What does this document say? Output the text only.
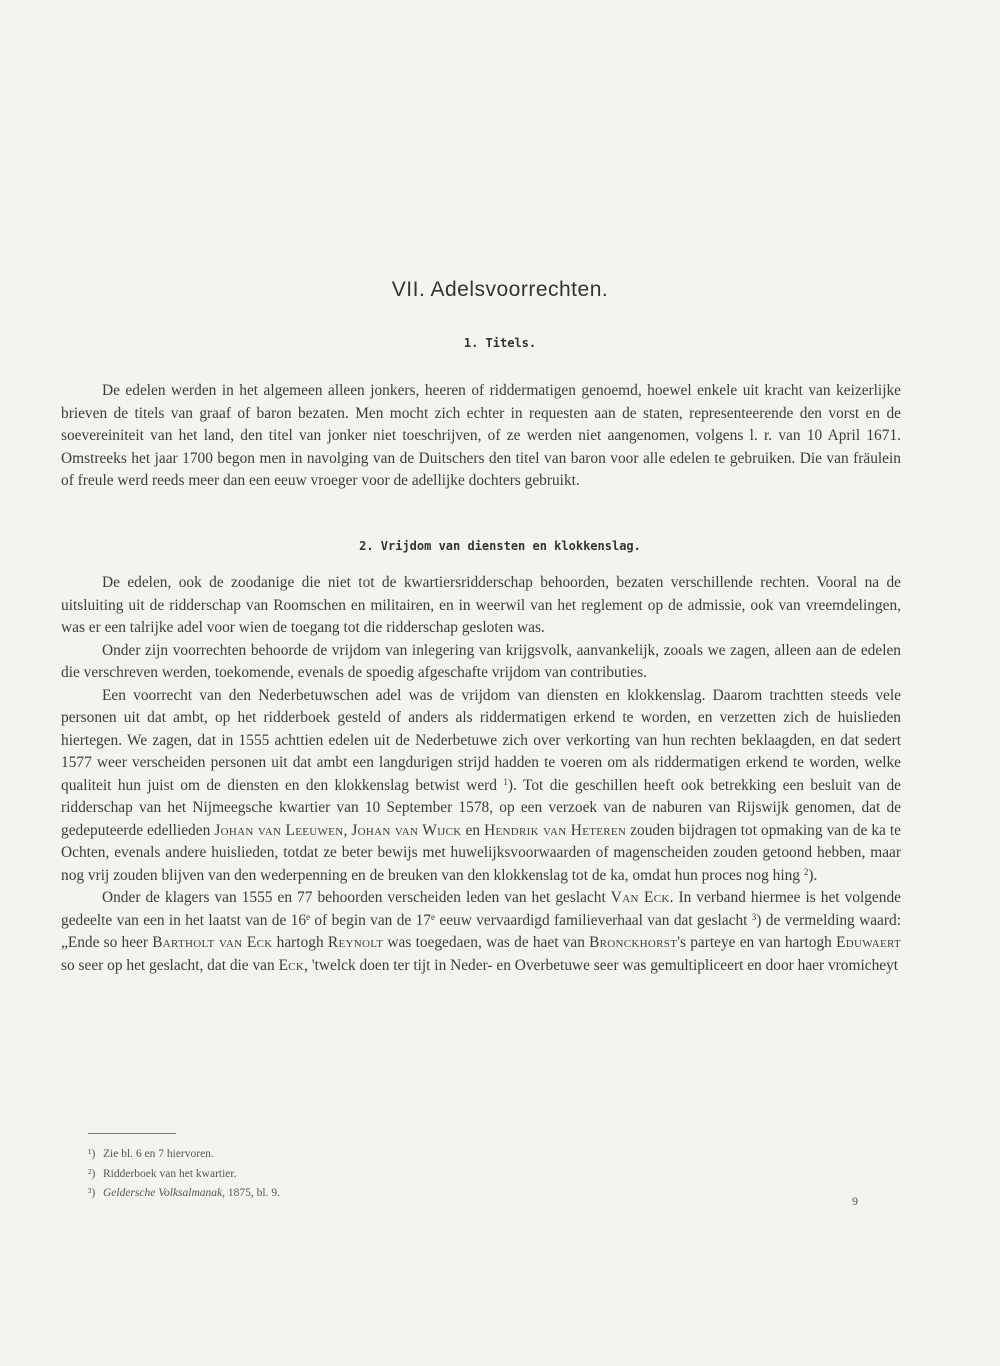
VII. Adelsvoorrechten.
1. Titels.

De edelen werden in het algemeen alleen jonkers, heeren of riddermatigen genoemd, hoewel enkele uit kracht van keizerlijke brieven de titels van graaf of baron bezaten. Men mocht zich echter in requesten aan de staten, representeerende den vorst en de soevereiniteit van het land, den titel van jonker niet toeschrijven, of ze werden niet aangenomen, volgens l. r. van 10 April 1671. Omstreeks het jaar 1700 begon men in navolging van de Duitschers den titel van baron voor alle edelen te gebruiken. Die van fräulein of freule werd reeds meer dan een eeuw vroeger voor de adellijke dochters gebruikt.

2. Vrijdom van diensten en klokkenslag.

De edelen, ook de zoodanige die niet tot de kwartiersridderschap behoorden, bezaten verschillende rechten. Vooral na de uitsluiting uit de ridderschap van Roomschen en militairen, en in weerwil van het reglement op de admissie, ook van vreemdelingen, was er een talrijke adel voor wien de toegang tot die ridderschap gesloten was.

Onder zijn voorrechten behoorde de vrijdom van inlegering van krijgsvolk, aanvankelijk, zooals we zagen, alleen aan de edelen die verschreven werden, toekomende, evenals de spoedig afgeschafte vrijdom van contributies.

Een voorrecht van den Nederbetuwschen adel was de vrijdom van diensten en klokkenslag. Daarom trachtten steeds vele personen uit dat ambt, op het ridderboek gesteld of anders als riddermatigen erkend te worden, en verzetten zich de huislieden hiertegen. We zagen, dat in 1555 achttien edelen uit de Nederbetuwe zich over verkorting van hun rechten beklaagden, en dat sedert 1577 weer verscheiden personen uit dat ambt een langdurigen strijd hadden te voeren om als riddermatigen erkend te worden, welke qualiteit hun juist om de diensten en den klokkenslag betwist werd $^1$). Tot die geschillen heeft ook betrekking een besluit van de ridderschap van het Nijmeegsche kwartier van 10 September 1578, op een verzoek van de naburen van Rijswijk genomen, dat de gedeputeerde edellieden Johan van Leeuwen, Johan van Wijck en Hendrik van Heteren zouden bijdragen tot opmaking van de ka te Ochten, evenals andere huislieden, totdat ze beter bewijs met huwelijksvoorwaarden of magenscheiden zouden getoond hebben, maar nog vrij zouden blijven van den wederpenning en de breuken van den klokkenslag tot de ka, omdat hun proces nog hing $^2$).

Onder de klagers van 1555 en 77 behoorden verscheiden leden van het geslacht Van Eck. In verband hiermee is het volgende gedeelte van een in het laatst van de 16e of begin van de 17e eeuw vervaardigd familieverhaal van dat geslacht $^3$) de vermelding waard: „Ende so heer Bartholt van Eck hartogh Reynolt was toegedaen, was de haet van Bronckhorst's parteye en van hartogh Eduwaert so seer op het geslacht, dat die van Eck, 'twelck doen ter tijt in Neder- en Overbetuwe seer was gemultipliceert en door haer vromicheyt

¹) Zie bl. 6 en 7 hiervoren.
²) Ridderboek van het kwartier.
³) Geldersche Volksalmanak, 1875, bl. 9.
9
